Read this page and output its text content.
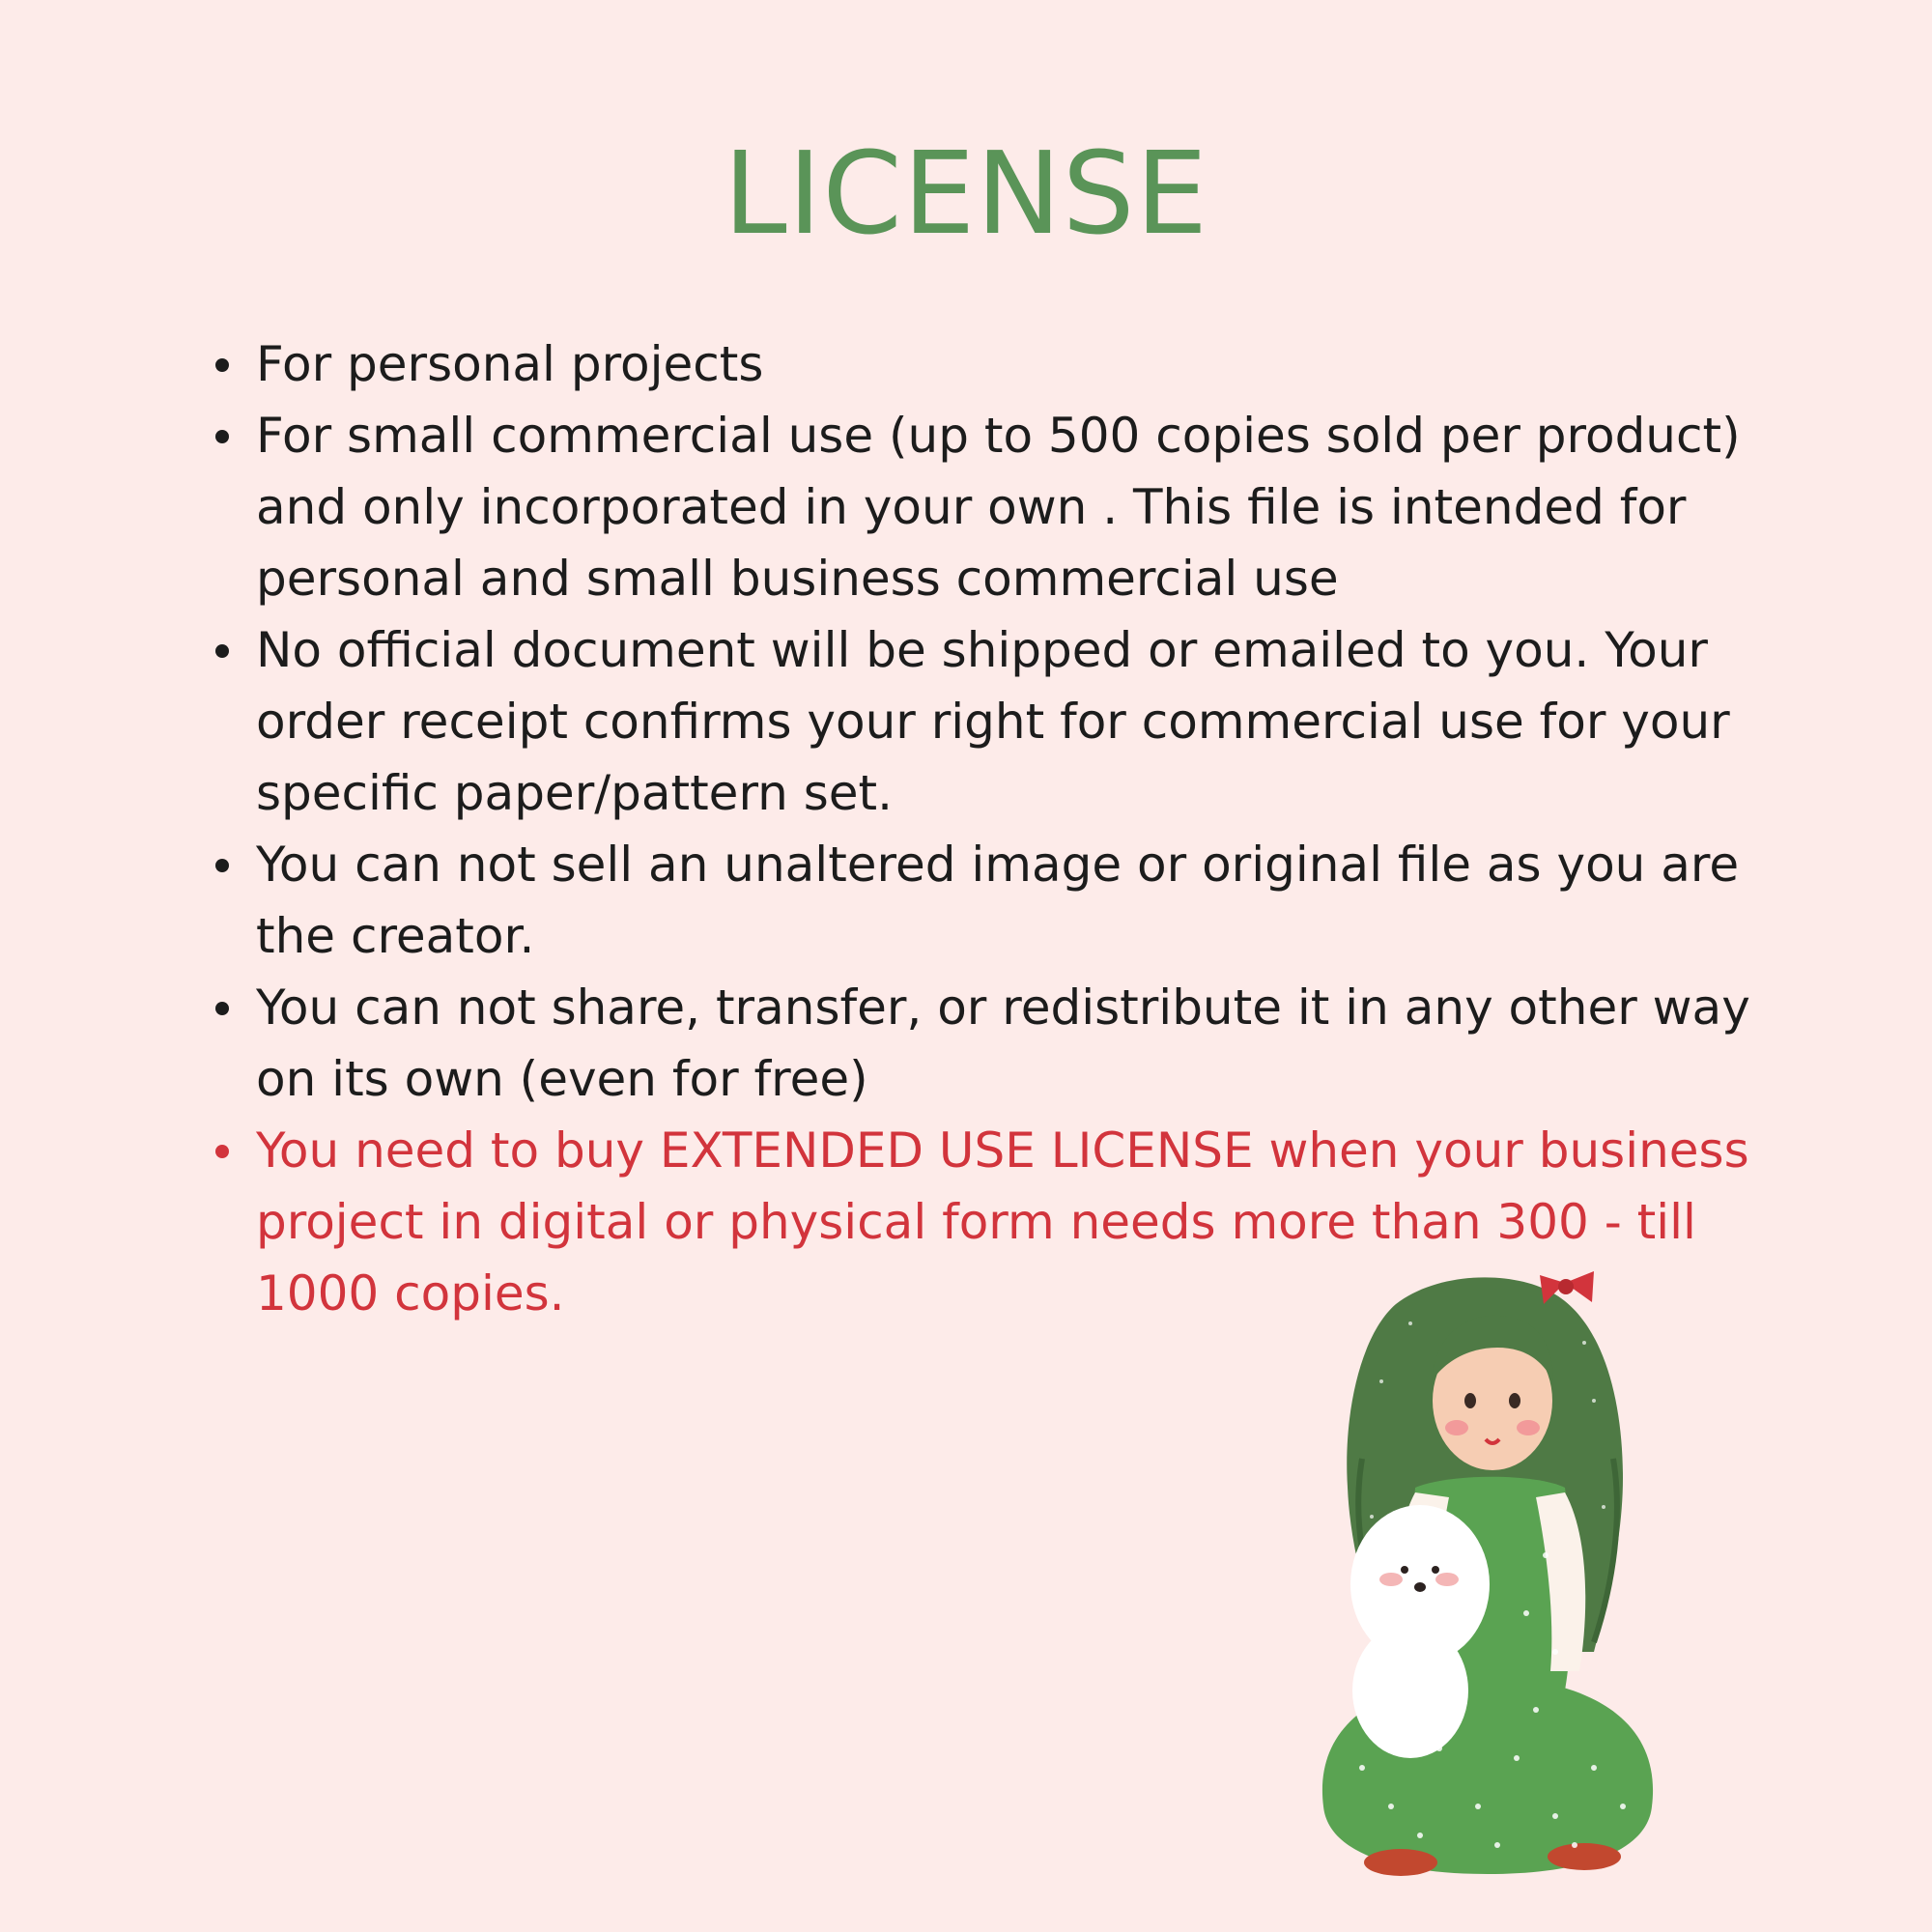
LICENSE
For personal projects
For small commercial use (up to 500 copies sold per product) and only incorporated in your own . This file is intended for personal and small business commercial use
No official document will be shipped or emailed to you. Your order receipt confirms your right for commercial use for your specific paper/pattern set.
You can not sell an unaltered image or original file as you are the creator.
You can not share, transfer, or redistribute it in any other way on its own (even for free)
You need to buy EXTENDED USE LICENSE when your business project in digital or physical form needs more than 300 - till 1000 copies.
